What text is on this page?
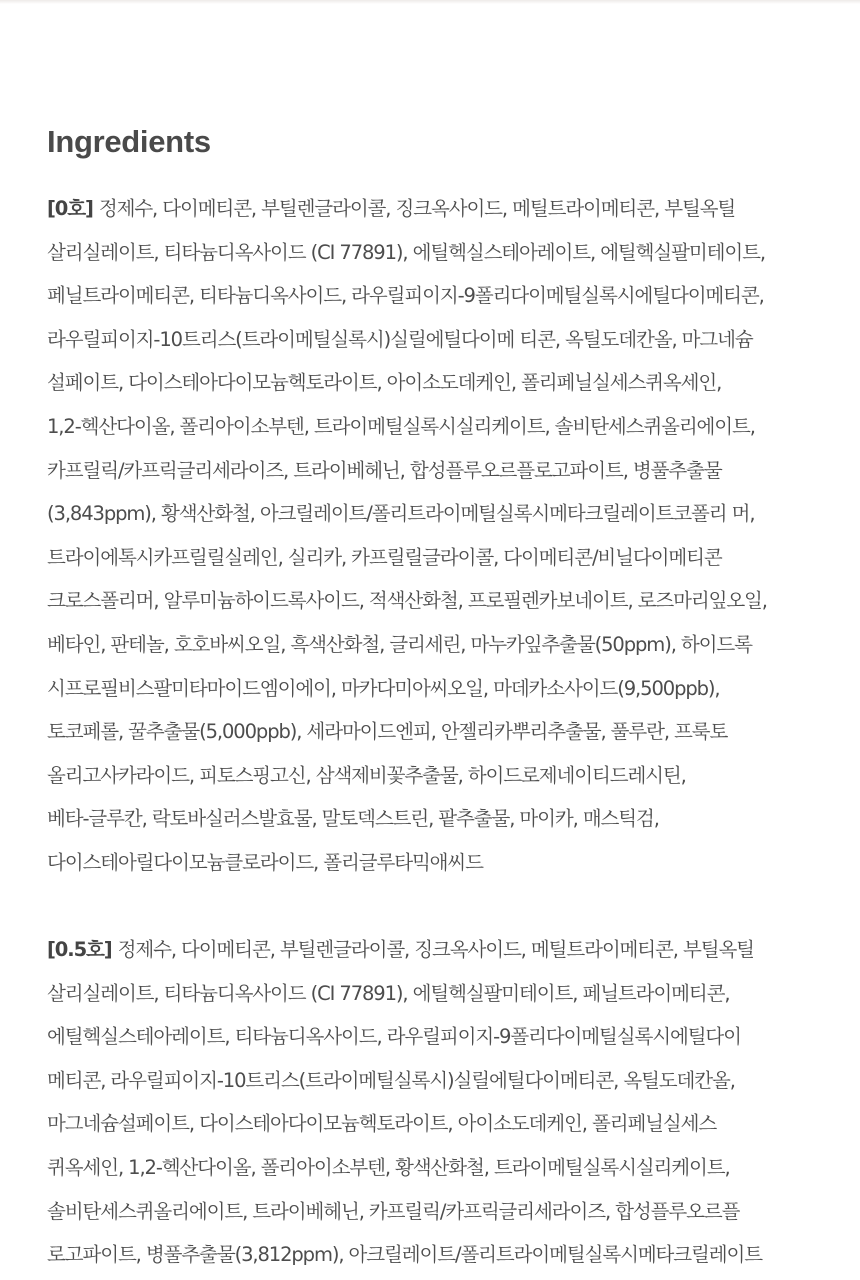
Ingredients
[0호] 정제수, 다이메티콘, 부틸렌글라이콜, 징크옥사이드, 메틸트라이메티콘, 부틸옥틸
살리실레이트, 티타늄디옥사이드 (CI 77891), 에틸헥실스테아레이트, 에틸헥실팔미테이트,
페닐트라이메티콘, 티타늄디옥사이드, 라우릴피이지-9폴리다이메틸실록시에틸다이메티콘,
라우릴피이지-10트리스(트라이메틸실록시)실릴에틸다이메 티콘, 옥틸도데칸올, 마그네슘
설페이트, 다이스테아다이모늄헥토라이트, 아이소도데케인, 폴리페닐실세스퀴옥세인,
1,2-헥산다이올, 폴리아이소부텐, 트라이메틸실록시실리케이트, 솔비탄세스퀴올리에이트,
카프릴릭/카프릭글리세라이즈, 트라이베헤닌, 합성플루오르플로고파이트, 병풀추출물
(3,843ppm), 황색산화철, 아크릴레이트/폴리트라이메틸실록시메타크릴레이트코폴리 머,
트라이에톡시카프릴릴실레인, 실리카, 카프릴릴글라이콜, 다이메티콘/비닐다이메티콘
크로스폴리머, 알루미늄하이드록사이드, 적색산화철, 프로필렌카보네이트, 로즈마리잎오일,
베타인, 판테놀, 호호바씨오일, 흑색산화철, 글리세린, 마누카잎추출물(50ppm), 하이드록
시프로필비스팔미타마이드엠이에이, 마카다미아씨오일, 마데카소사이드(9,500ppb),
토코페롤, 꿀추출물(5,000ppb), 세라마이드엔피, 안젤리카뿌리추출물, 풀루란, 프룩토
올리고사카라이드, 피토스핑고신, 삼색제비꽃추출물, 하이드로제네이티드레시틴,
베타-글루칸, 락토바실러스발효물, 말토덱스트린, 팥추출물, 마이카, 매스틱검,
다이스테아릴다이모늄클로라이드, 폴리글루타믹애씨드
[0.5호] 정제수, 다이메티콘, 부틸렌글라이콜, 징크옥사이드, 메틸트라이메티콘, 부틸옥틸
살리실레이트, 티타늄디옥사이드 (CI 77891), 에틸헥실팔미테이트, 페닐트라이메티콘,
에틸헥실스테아레이트, 티타늄디옥사이드, 라우릴피이지-9폴리다이메틸실록시에틸다이
메티콘, 라우릴피이지-10트리스(트라이메틸실록시)실릴에틸다이메티콘, 옥틸도데칸올,
마그네슘설페이트, 다이스테아다이모늄헥토라이트, 아이소도데케인, 폴리페닐실세스
퀴옥세인, 1,2-헥산다이올, 폴리아이소부텐, 황색산화철, 트라이메틸실록시실리케이트,
솔비탄세스퀴올리에이트, 트라이베헤닌, 카프릴릭/카프릭글리세라이즈, 합성플루오르플
로고파이트, 병풀추출물(3,812ppm), 아크릴레이트/폴리트라이메틸실록시메타크릴레이트
